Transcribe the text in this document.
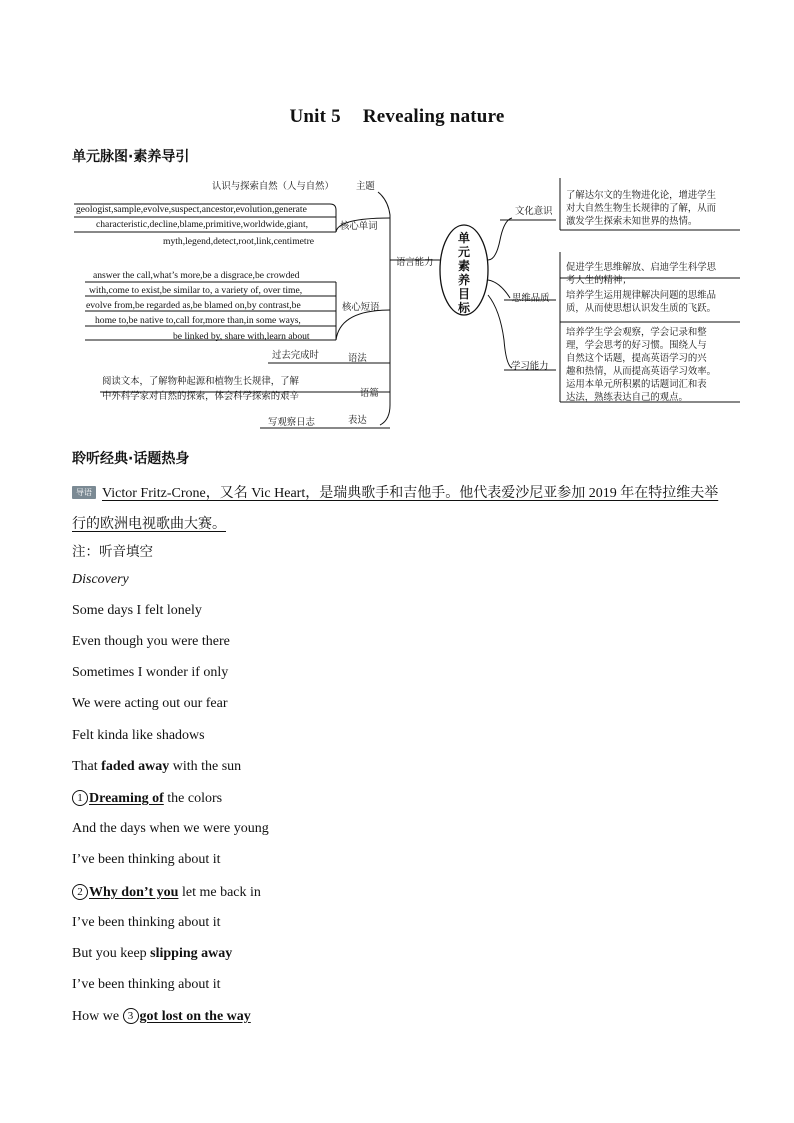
Unit 5 Revealing nature
单元脉图·素养导引
单
元
素
养
目
标
认识与探索自然（人与自然） 主题
语言能力
核心单词
geologist,sample,evolve,suspect,ancestor,evolution,generate
characteristic,decline,blame,primitive,worldwide,giant,
myth,legend,detect,root,link,centimetre
核心短语
answer the call,what’s more,be a disgrace,be crowded
with,come to exist,be similar to, a variety of, over time,
evolve from,be regarded as,be blamed on,by contrast,be
home to,be native to,call for,more than,in some ways,
be linked by, share with,learn about
过去完成时	语法
阅读文本，了解物种起源和植物生长规律，了解
中外科学家对自然的探索，体会科学探索的艰辛	语篇
写观察日志	表达
文化意识
了解达尔文的生物进化论，增进学生
对大自然生物生长规律的了解，从而
激发学生探索未知世界的热情。
思维品质
促进学生思维解放、启迪学生科学思
考人生的精神；
培养学生运用规律解决问题的思维品
质，从而使思想认识发生质的飞跃。
学习能力
培养学生学会观察，学会记录和整
理，学会思考的好习惯。围绕人与
自然这个话题，提高英语学习的兴
趣和热情，从而提高英语学习效率。
运用本单元所积累的话题词汇和表
达法，熟练表达自己的观点。
聆听经典·话题热身
导语 Victor Fritz-Crone，又名 Vic Heart，是瑞典歌手和吉他手。他代表爱沙尼亚参加 2019 年在特拉维夫举行的欧洲电视歌曲大赛。
注：听音填空
Discovery
Some days I felt lonely
Even though you were there
Sometimes I wonder if only
We were acting out our fear
Felt kinda like shadows
That faded away with the sun
1 Dreaming of the colors
And the days when we were young
I’ve been thinking about it
2 Why don’t you let me back in
I’ve been thinking about it
But you keep slipping away
I’ve been thinking about it
How we 3 got lost on the way
